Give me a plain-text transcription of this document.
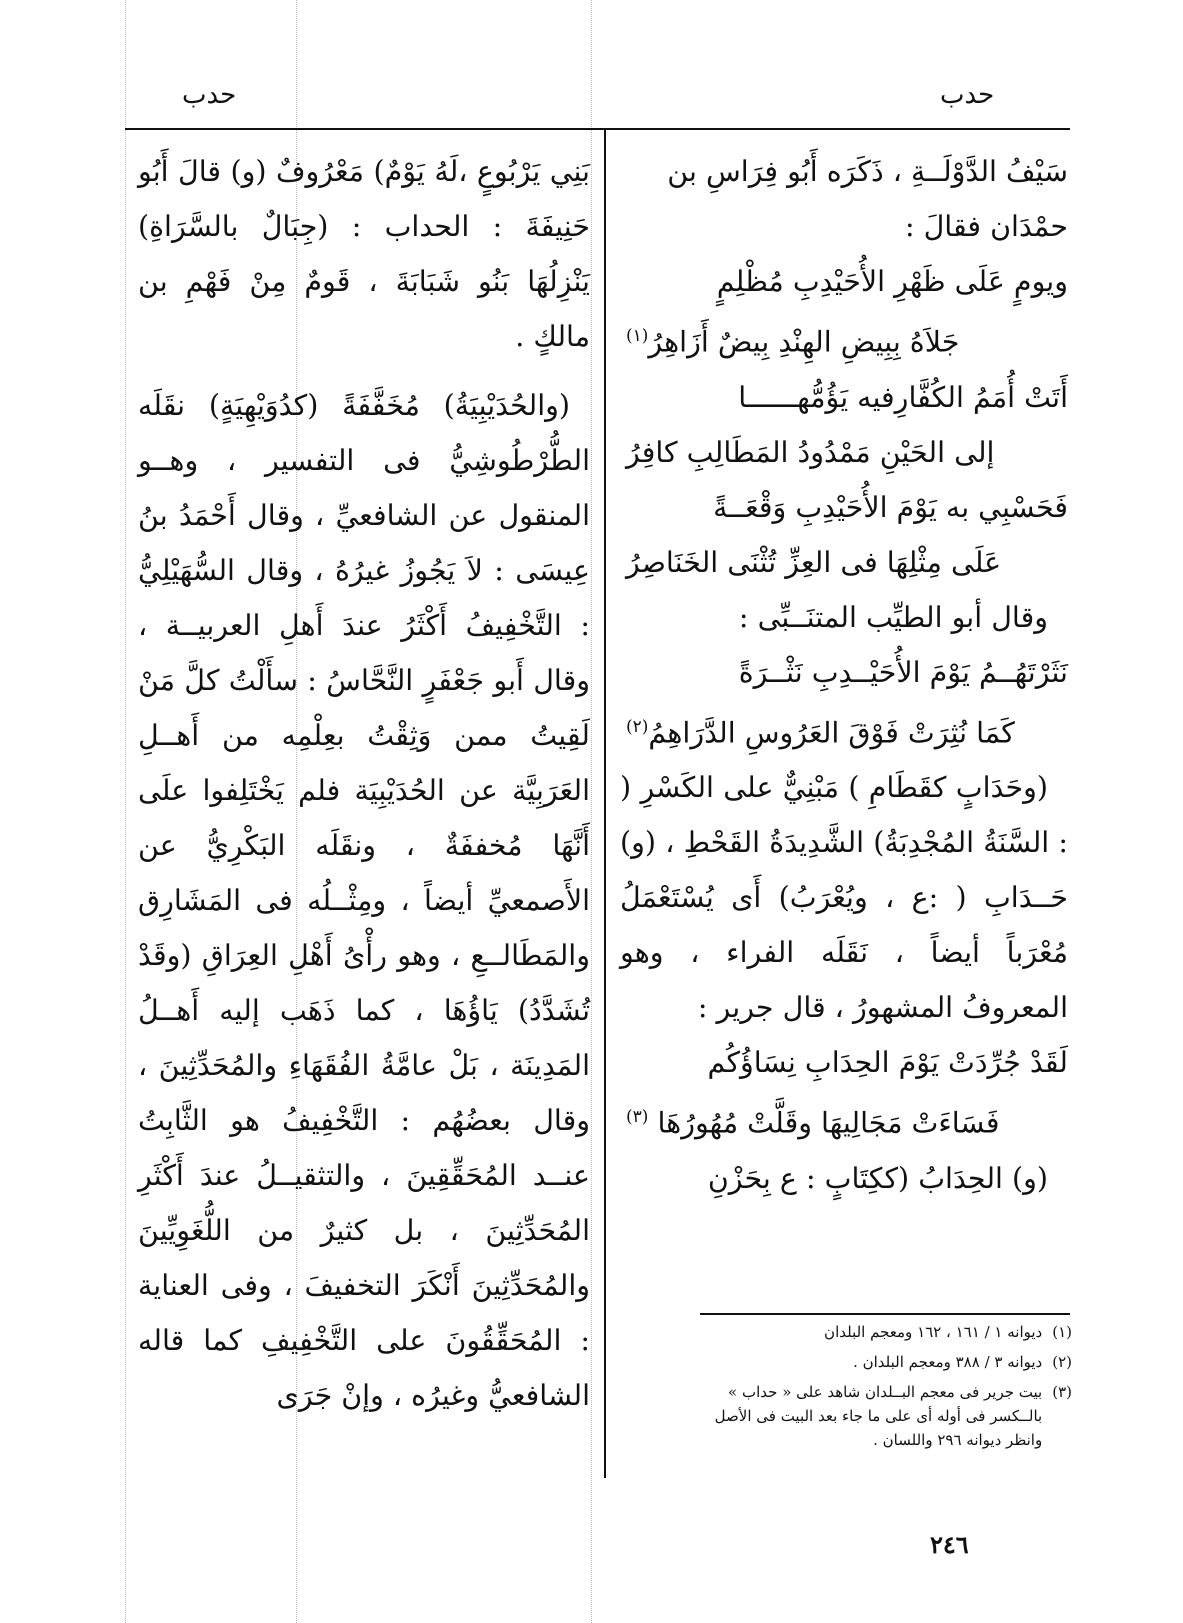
حدب	حدب

سَيْفُ الدَّوْلَــةِ ، ذَكَرَه أَبُو فِرَاسِ بن

حمْدَان فقالَ :

ويومٍ عَلَى ظَهْرِ الأُحَيْدِبِ مُظْلِمٍ
جَلاَهُ بِبِيضِ الهِنْدِ بِيضٌ أَزَاهِرُ$^{(١)}$
أَتَتْ أُمَمُ الكُفَّارِفيه يَؤُمُّهــــــا
إلى الحَيْنِ مَمْدُودُ المَطَالِبِ كافِرُ
فَحَسْبِي به يَوْمَ الأُحَيْدِبِ وَقْعَــةً
عَلَى مِثْلِهَا فى العِزِّ تُثْنَى الخَنَاصِرُ

وقال أبو الطيِّب المتنَــبِّى :

نَثَرْتَهُــمُ يَوْمَ الأُحَيْــدِبِ نَثْــرَةً
كَمَا نُثِرَتْ فَوْقَ العَرُوسِ الدَّرَاهِمُ$^{(٢)}$

(وحَدَابٍ كقَطَامِ ) مَبْنِيٌّ على الكَسْرِ ( : السَّنَةُ المُجْدِبَةُ) الشَّدِيدَةُ القَحْطِ ، (و) حَــدَابِ ( :ع ، ويُعْرَبُ) أَى يُسْتَعْمَلُ مُعْرَباً أيضاً ، نَقَلَه الفراء ، وهو المعروفُ المشهورُ ، قال جرير :

لَقَدْ جُرِّدَتْ يَوْمَ الحِدَابِ نِسَاؤُكُم
فَسَاءَتْ مَجَالِيهَا وقَلَّتْ مُهُورُهَا $^{(٣)}$

(و) الحِدَابُ (ككِتَابٍ : ع بِحَزْنِ

بَنِي يَرْبُوعٍ ،لَهُ يَوْمٌ) مَعْرُوفٌ (و) قالَ أَبُو حَنِيفَةَ : الحداب : (جِبَالٌ بالسَّرَاةِ) يَنْزِلُهَا بَنُو شَبَابَةَ ، قَومٌ مِنْ فَهْمِ بن مالكٍ .

(والحُدَيْبِيَةُ) مُخَفَّفَةً (كدُوَيْهِيَةٍ) نقَلَه الطُّرْطُوشِيُّ فى التفسير ، وهــو المنقول عن الشافعيِّ ، وقال أَحْمَدُ بنُ عِيسَى : لاَ يَجُوزُ غيرُهُ ، وقال السُّهَيْلِيُّ : التَّخْفِيفُ أَكْثَرُ عندَ أَهلِ العربيــة ، وقال أَبو جَعْفَرٍ النَّحَّاسُ : سأَلْتُ كلَّ مَنْ لَقِيتُ ممن وَثِقْتُ بعِلْمِه من أَهــلِ العَرَبِيَّة عن الحُدَيْبِيَة فلم يَخْتَلِفوا علَى أَنَّهَا مُخففَةٌ ، ونقَلَه البَكْرِيُّ عن الأَصمعيِّ أيضاً ، ومِثْــلُه فى المَشَارِق والمَطَالــعِ ، وهو رأْىُ أَهْلِ العِرَاقِ (وقَدْ تُشَدَّدُ) يَاؤُهَا ، كما ذَهَب إليه أَهــلُ المَدِينَة ، بَلْ عامَّةُ الفُقَهَاءِ والمُحَدِّثِينَ ، وقال بعضُهُم : التَّخْفِيفُ هو الثَّابِتُ عنــد المُحَقِّقِينَ ، والتثقيــلُ عندَ أَكْثَرِ المُحَدِّثِينَ ، بل كثيرٌ من اللُّغَوِيِّينَ والمُحَدِّثِينَ أَنْكَرَ التخفيفَ ، وفى العناية : المُحَقِّقُونَ على التَّخْفِيفِ كما قاله الشافعيُّ وغيرُه ، وإنْ جَرَى

(١)
ديوانه ١ / ١٦١ ، ١٦٢ ومعجم البلدان
(٢)
ديوانه ٣ / ٣٨٨ ومعجم البلدان .
(٣)
بيت جرير فى معجم البــلدان شاهد على « حداب » بالــكسر فى أوله أى على ما جاء بعد البيت فى الأصل وانظر ديوانه ٢٩٦ واللسان .
٢٤٦
